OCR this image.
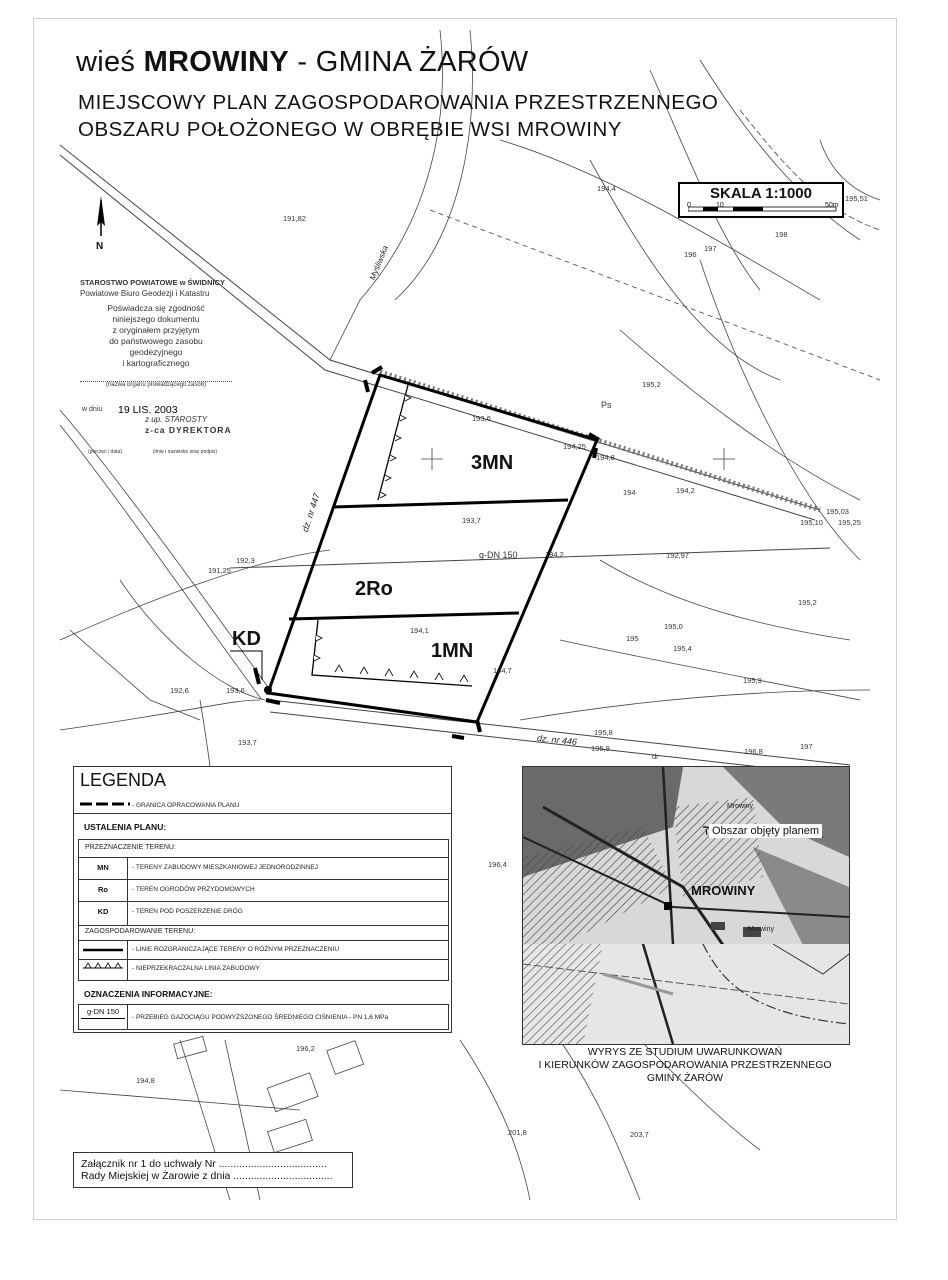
wieś MROWINY - GMINA ŻARÓW
MIEJSCOWY PLAN ZAGOSPODAROWANIA PRZESTRZENNEGO
OBSZARU POŁOŻONEGO W OBRĘBIE WSI MROWINY
SKALA 1:1000
0	10	50m
N
STAROSTWO POWIATOWE w ŚWIDNICY
Powiatowe Biuro Geodezji i Katastru
Poświadcza się zgodność
niniejszego dokumentu
z oryginałem przyjętym
do państwowego zasobu
geodezyjnego
i kartograficznego
(nazwa organu prowadzącego zasób)
w dniu	19 LIS. 2003
z up. STAROSTY
z-ca DYREKTORA
(pieczęć i data)	(imię i nazwisko oraz podpis)	3MN
2Ro
1MN
KD
dz. nr 447
dz. nr 446
Myśliwska
g-DN 150
191,82
193,6
194,25
194,8
194	194,2
195,03
195,10 195,25
193,7
192,3
191,25
194,2	192,97
194,1
194,7
195
195,0
195,4
195,2
195,9
195,8
195,9	196,8
197
192,6	193,6
193,7
196,4
196,2
194,8
201,8	203,7
197
198
196
195,51
194,4
Ps
dr
195,2
LEGENDA
- GRANICA OPRACOWANIA PLANU
USTALENIA PLANU:
PRZEZNACZENIE TERENU:
MN	- TERENY ZABUDOWY MIESZKANIOWEJ JEDNORODZINNEJ
Ro	- TEREN OGRODÓW PRZYDOMOWYCH
KD	- TEREN POD POSZERZENIE DRÓG
ZAGOSPODAROWANIE TERENU:
- LINIE ROZGRANICZAJĄCE TERENY O RÓŻNYM PRZEZNACZENIU
- NIEPRZEKRACZALNA LINIA ZABUDOWY
OZNACZENIA INFORMACYJNE:
g-DN 150
- PRZEBIEG GAZOCIĄGU PODWYŻSZONEGO ŚREDNIEGO CIŚNIENIA - PN 1,6 MPa
Obszar objęty planem
MROWINY
Mrowiny
Mrowiny
WYRYS ZE STUDIUM UWARUNKOWAŃ
I KIERUNKÓW ZAGOSPODAROWANIA PRZESTRZENNEGO
GMINY ŻARÓW
Załącznik nr 1 do uchwały Nr .....................................
Rady Miejskiej w Żarowie z dnia ..................................
